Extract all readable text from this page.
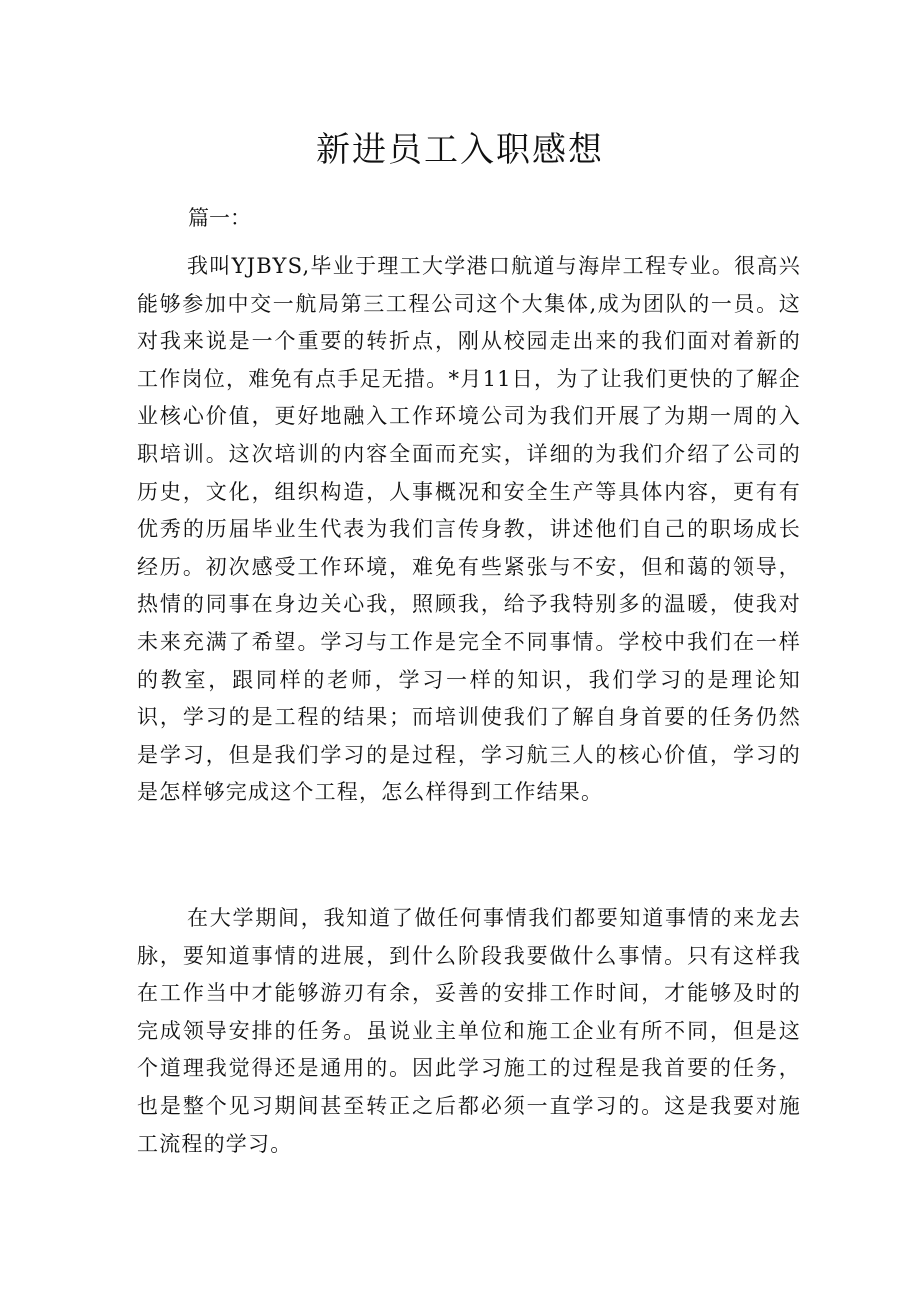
新进员工入职感想

篇一：

我叫YJBYS,毕业于理工大学港口航道与海岸工程专业。很高兴能够参加中交一航局第三工程公司这个大集体,成为团队的一员。这对我来说是一个重要的转折点，刚从校园走出来的我们面对着新的工作岗位，难免有点手足无措。*月11日，为了让我们更快的了解企业核心价值，更好地融入工作环境公司为我们开展了为期一周的入职培训。这次培训的内容全面而充实，详细的为我们介绍了公司的历史，文化，组织构造，人事概况和安全生产等具体内容，更有有优秀的历届毕业生代表为我们言传身教，讲述他们自己的职场成长经历。初次感受工作环境，难免有些紧张与不安，但和蔼的领导，热情的同事在身边关心我，照顾我，给予我特别多的温暖，使我对未来充满了希望。学习与工作是完全不同事情。学校中我们在一样的教室，跟同样的老师，学习一样的知识，我们学习的是理论知识，学习的是工程的结果；而培训使我们了解自身首要的任务仍然是学习，但是我们学习的是过程，学习航三人的核心价值，学习的是怎样够完成这个工程，怎么样得到工作结果。

在大学期间，我知道了做任何事情我们都要知道事情的来龙去脉，要知道事情的进展，到什么阶段我要做什么事情。只有这样我在工作当中才能够游刃有余，妥善的安排工作时间，才能够及时的完成领导安排的任务。虽说业主单位和施工企业有所不同，但是这个道理我觉得还是通用的。因此学习施工的过程是我首要的任务，也是整个见习期间甚至转正之后都必须一直学习的。这是我要对施工流程的学习。
